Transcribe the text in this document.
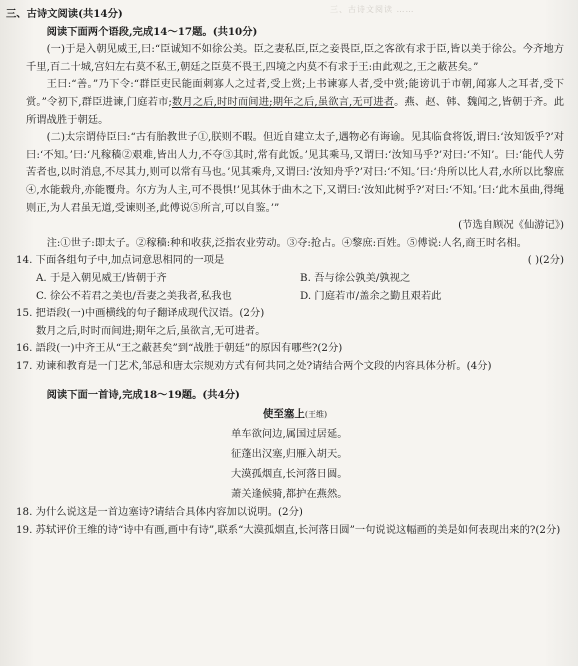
三、古诗文阅读 ……

三、古诗文阅读(共14分)

阅读下面两个语段,完成14～17题。(共10分)

(一)于是入朝见威王,曰:“臣诚知不如徐公美。臣之妻私臣,臣之妾畏臣,臣之客欲有求于臣,皆以美于徐公。今齐地方千里,百二十城,宫妇左右莫不私王,朝廷之臣莫不畏王,四境之内莫不有求于王:由此观之,王之蔽甚矣。”

王曰:“善。”乃下令:“群臣吏民能面刺寡人之过者,受上赏;上书谏寡人者,受中赏;能谤讥于市朝,闻寡人之耳者,受下赏。”令初下,群臣进谏,门庭若市;数月之后,时时而间进;期年之后,虽欲言,无可进者。燕、赵、韩、魏闻之,皆朝于齐。此所谓战胜于朝廷。

(二)太宗谓侍臣曰:“古有胎教世子①,朕则不暇。但近自建立太子,遇物必有诲谕。见其临食将饭,谓曰:‘汝知饭乎?’对曰:‘不知。’曰:‘凡稼穑②艰难,皆出人力,不夺③其时,常有此饭。’见其乘马,又谓曰:‘汝知马乎?’对曰:‘不知’。曰:‘能代人劳苦者也,以时消息,不尽其力,则可以常有马也。’见其乘舟,又谓曰:‘汝知舟乎?’对曰:‘不知。’曰:‘舟所以比人君,水所以比黎庶④,水能载舟,亦能覆舟。尔方为人主,可不畏惧!’见其休于曲木之下,又谓曰:‘汝知此树乎?’对曰:‘不知。’曰:‘此木虽曲,得绳则正,为人君虽无道,受谏则圣,此傅说⑤所言,可以自鉴。’”

(节选自顾况《仙游记》)

注:①世子:即太子。②稼穑:种和收获,泛指农业劳动。③夺:抢占。④黎庶:百姓。⑤傅说:人名,商王时名相。

14. 下面各组句子中,加点词意思相同的一项是	( )(2分)
A. 于是入朝见威王/皆朝于齐	B. 吾与徐公孰美/孰视之
C. 徐公不若君之美也/吾妻之美我者,私我也	D. 门庭若市/盖余之勤且艰若此

15. 把语段(一)中画横线的句子翻译成现代汉语。(2分)

数月之后,时时而间进;期年之后,虽欲言,无可进者。

16. 語段(一)中齐王从“王之蔽甚矣”到“战胜于朝廷”的原因有哪些?(2分)

17. 劝谏和教育是一门艺术,邹忌和唐太宗规劝方式有何共同之处?请结合两个文段的内容具体分析。(4分)

阅读下面一首诗,完成18～19题。(共4分)

使至塞上(王维)

单车欲问边,属国过居延。

征蓬出汉塞,归雁入胡天。

大漠孤烟直,长河落日圆。

萧关逢候骑,都护在燕然。

18. 为什么说这是一首边塞诗?请结合具体内容加以说明。(2分)

19. 苏轼评价王维的诗“诗中有画,画中有诗”,联系“大漠孤烟直,长河落日圆”一句说说这幅画的美是如何表现出来的?(2分)
